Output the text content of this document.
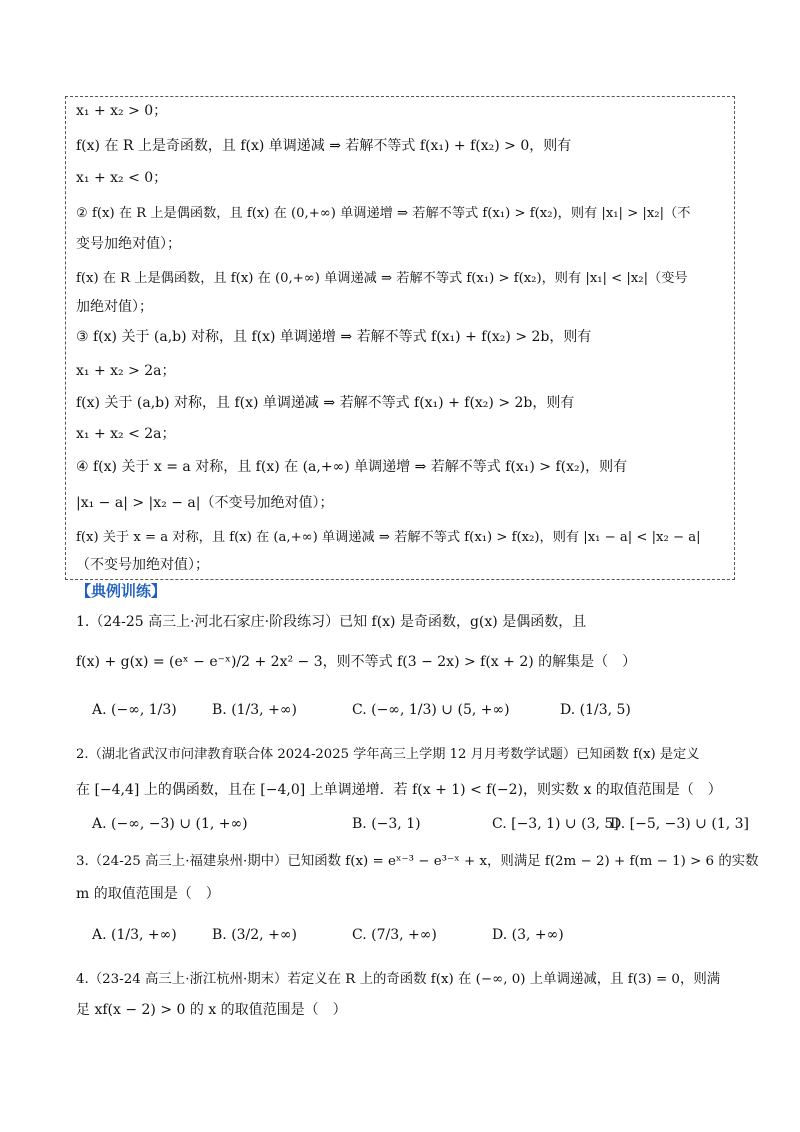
x₁ + x₂ > 0；
f(x) 在 R 上是奇函数，且 f(x) 单调递减 ⇒ 若解不等式 f(x₁) + f(x₂) > 0，则有
x₁ + x₂ < 0；
② f(x) 在 R 上是偶函数，且 f(x) 在 (0,+∞) 单调递增 ⇒ 若解不等式 f(x₁) > f(x₂)，则有 |x₁| > |x₂|（不
变号加绝对值）；
f(x) 在 R 上是偶函数，且 f(x) 在 (0,+∞) 单调递减 ⇒ 若解不等式 f(x₁) > f(x₂)，则有 |x₁| < |x₂|（变号
加绝对值）；
③ f(x) 关于 (a,b) 对称，且 f(x) 单调递增 ⇒ 若解不等式 f(x₁) + f(x₂) > 2b，则有
x₁ + x₂ > 2a；
f(x) 关于 (a,b) 对称，且 f(x) 单调递减 ⇒ 若解不等式 f(x₁) + f(x₂) > 2b，则有
x₁ + x₂ < 2a；
④ f(x) 关于 x = a 对称，且 f(x) 在 (a,+∞) 单调递增 ⇒ 若解不等式 f(x₁) > f(x₂)，则有
|x₁ − a| > |x₂ − a|（不变号加绝对值）；
f(x) 关于 x = a 对称，且 f(x) 在 (a,+∞) 单调递减 ⇒ 若解不等式 f(x₁) > f(x₂)，则有 |x₁ − a| < |x₂ − a|
（不变号加绝对值）；
【典例训练】
1.（24-25 高三上·河北石家庄·阶段练习）已知 f(x) 是奇函数，g(x) 是偶函数，且
f(x) + g(x) = (eˣ − e⁻ˣ)/2 + 2x² − 3，则不等式 f(3 − 2x) > f(x + 2) 的解集是（　）
A. (−∞, 1/3)	B. (1/3, +∞)	C. (−∞, 1/3) ∪ (5, +∞)	D. (1/3, 5)
2.（湖北省武汉市问津教育联合体 2024-2025 学年高三上学期 12 月月考数学试题）已知函数 f(x) 是定义
在 [−4,4] 上的偶函数，且在 [−4,0] 上单调递增．若 f(x + 1) < f(−2)，则实数 x 的取值范围是（　）
A. (−∞, −3) ∪ (1, +∞)	B. (−3, 1)	C. [−3, 1) ∪ (3, 5]
D. [−5, −3) ∪ (1, 3]
3.（24-25 高三上·福建泉州·期中）已知函数 f(x) = eˣ⁻³ − e³⁻ˣ + x，则满足 f(2m − 2) + f(m − 1) > 6 的实数
m 的取值范围是（　）
A. (1/3, +∞)	B. (3/2, +∞)	C. (7/3, +∞)	D. (3, +∞)
4.（23-24 高三上·浙江杭州·期末）若定义在 R 上的奇函数 f(x) 在 (−∞, 0) 上单调递减，且 f(3) = 0，则满
足 xf(x − 2) > 0 的 x 的取值范围是（　）
